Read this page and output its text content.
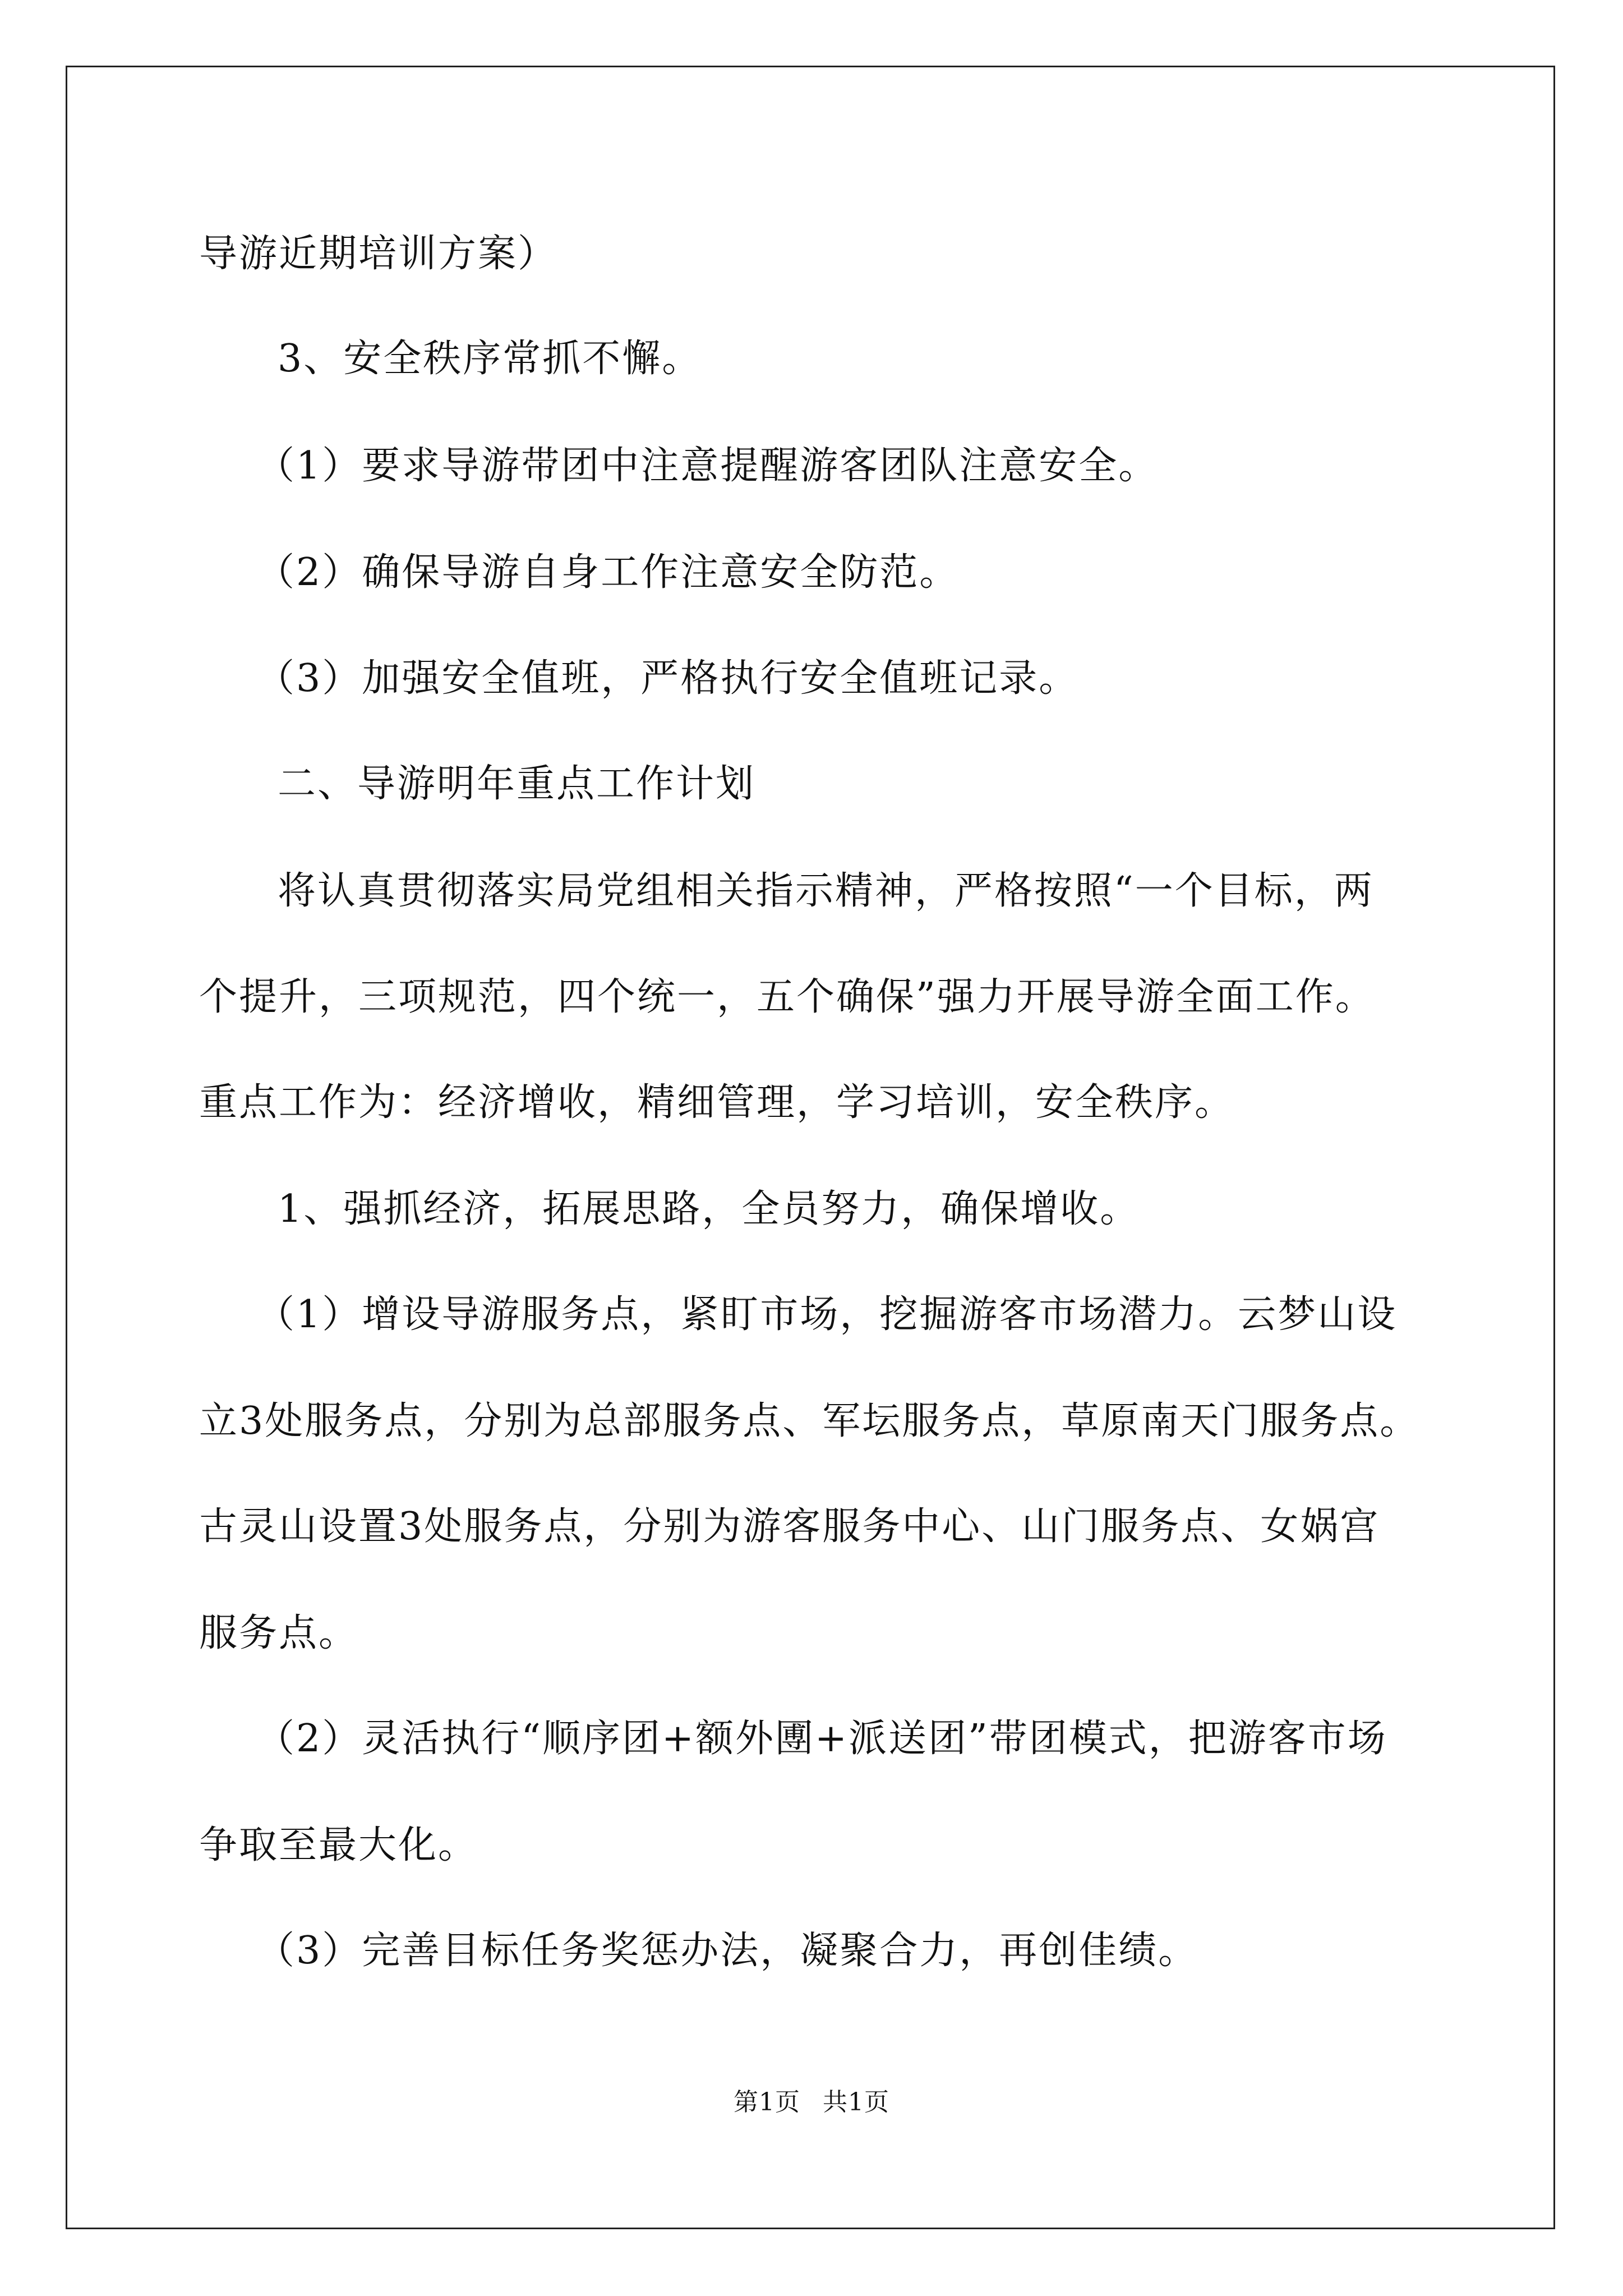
导游近期培训方案）
3、安全秩序常抓不懈。
（1）要求导游带团中注意提醒游客团队注意安全。
（2）确保导游自身工作注意安全防范。
（3）加强安全值班，严格执行安全值班记录。
二、导游明年重点工作计划
将认真贯彻落实局党组相关指示精神，严格按照“一个目标，两
个提升，三项规范，四个统一，五个确保”强力开展导游全面工作。
重点工作为：经济增收，精细管理，学习培训，安全秩序。
1、强抓经济，拓展思路，全员努力，确保增收。
（1）增设导游服务点，紧盯市场，挖掘游客市场潜力。云梦山设
立3处服务点，分别为总部服务点、军坛服务点，草原南天门服务点。
古灵山设置3处服务点，分别为游客服务中心、山门服务点、女娲宫
服务点。
（2）灵活执行“顺序团+额外圑+派送团”带团模式，把游客市场
争取至最大化。
（3）完善目标任务奖惩办法，凝聚合力，再创佳绩。
第1页 共1页
